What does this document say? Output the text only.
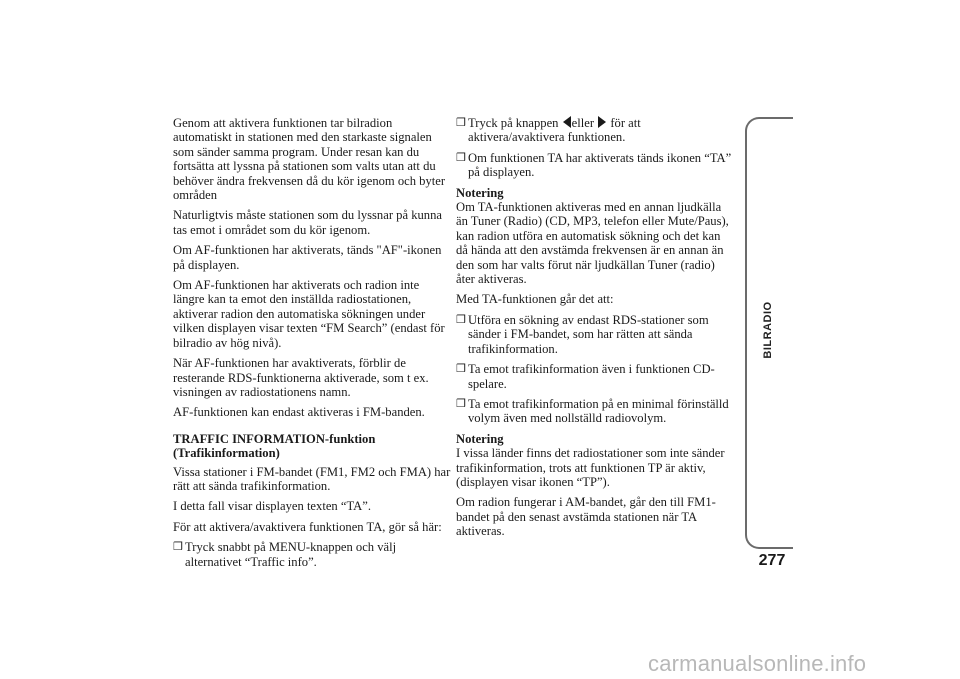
Genom att aktivera funktionen tar bilradion automatiskt in stationen med den starkaste signalen som sänder samma program. Under resan kan du fortsätta att lyssna på stationen som valts utan att du behöver ändra frekvensen då du kör igenom och byter områden

Naturligtvis måste stationen som du lyssnar på kunna tas emot i området som du kör igenom.

Om AF-funktionen har aktiverats, tänds "AF"-ikonen på displayen.

Om AF-funktionen har aktiverats och radion inte längre kan ta emot den inställda radiostationen, aktiverar radion den automatiska sökningen under vilken displayen visar texten “FM Search” (endast för bilradio av hög nivå).

När AF-funktionen har avaktiverats, förblir de resterande RDS-funktionerna aktiverade, som t ex. visningen av radiostationens namn.

AF-funktionen kan endast aktiveras i FM-banden.

TRAFFIC INFORMATION-funktion (Trafikinformation)

Vissa stationer i FM-bandet (FM1, FM2 och FMA) har rätt att sända trafikinformation.

I detta fall visar displayen texten “TA”.

För att aktivera/avaktivera funktionen TA, gör så här:

❒ Tryck snabbt på MENU-knappen och välj alternativet “Traffic info”.
❒ Tryck på knappen eller för att aktivera/avaktivera funktionen.
❒ Om funktionen TA har aktiverats tänds ikonen “TA” på displayen.

Notering

Om TA-funktionen aktiveras med en annan ljudkälla än Tuner (Radio) (CD, MP3, telefon eller Mute/Paus), kan radion utföra en automatisk sökning och det kan då hända att den avstämda frekvensen är en annan än den som har valts förut när ljudkällan Tuner (radio) åter aktiveras.

Med TA-funktionen går det att:

❒ Utföra en sökning av endast RDS-stationer som sänder i FM-bandet, som har rätten att sända trafikinformation.
❒ Ta emot trafikinformation även i funktionen CD-spelare.
❒ Ta emot trafikinformation på en minimal förinställd volym även med nollställd radiovolym.

Notering

I vissa länder finns det radiostationer som inte sänder trafikinformation, trots att funktionen TP är aktiv, (displayen visar ikonen “TP”).

Om radion fungerar i AM-bandet, går den till FM1-bandet på den senast avstämda stationen när TA aktiveras.

BILRADIO
277
carmanualsonline.info
